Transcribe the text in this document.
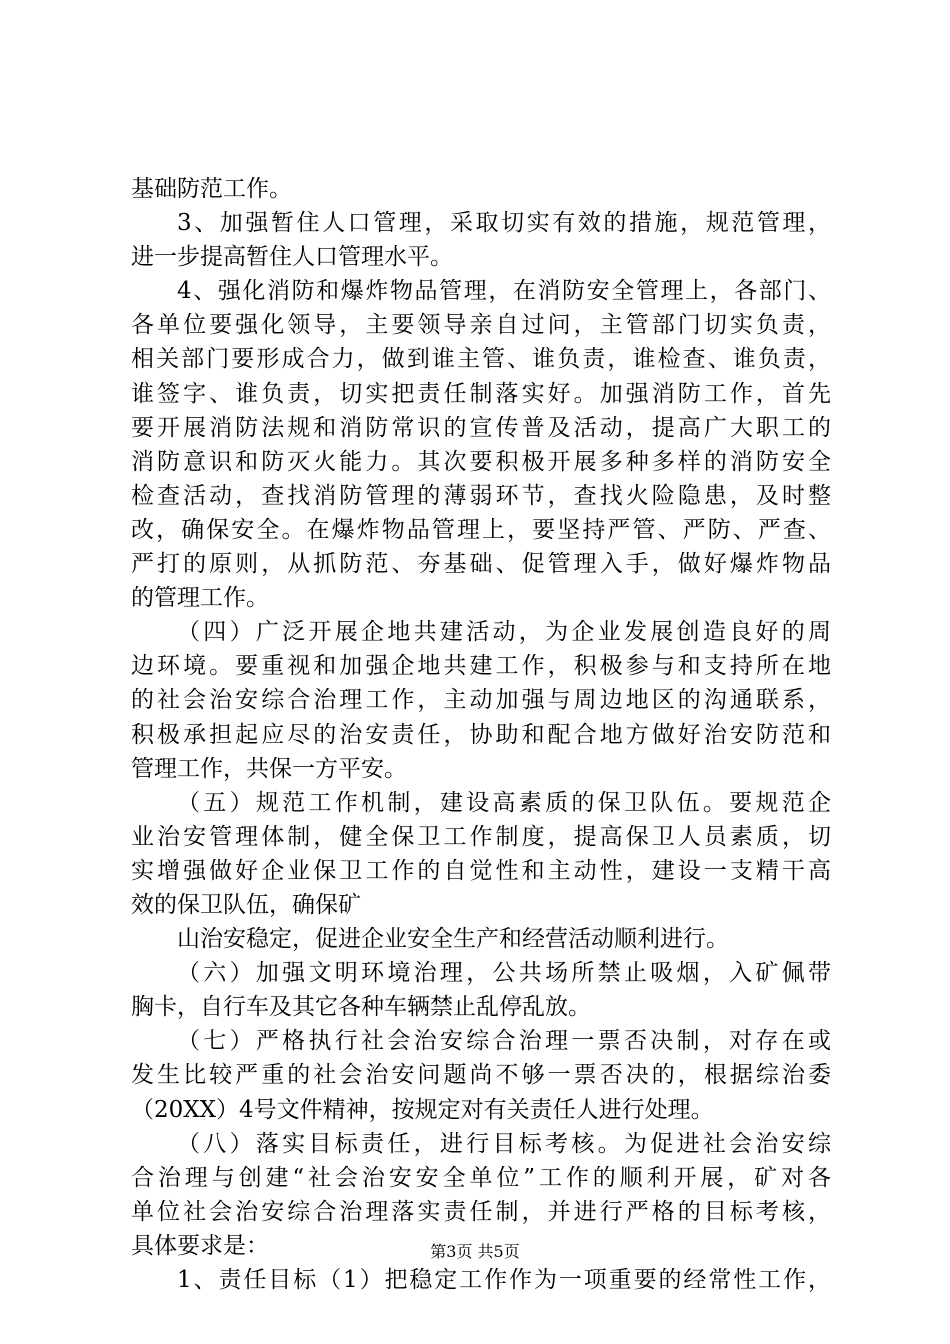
基础防范工作。
3、加强暂住人口管理，采取切实有效的措施，规范管理，
进一步提高暂住人口管理水平。
4、强化消防和爆炸物品管理，在消防安全管理上，各部门、
各单位要强化领导，主要领导亲自过问，主管部门切实负责，
相关部门要形成合力，做到谁主管、谁负责，谁检查、谁负责，
谁签字、谁负责，切实把责任制落实好。加强消防工作，首先
要开展消防法规和消防常识的宣传普及活动，提高广大职工的
消防意识和防灭火能力。其次要积极开展多种多样的消防安全
检查活动，查找消防管理的薄弱环节，查找火险隐患，及时整
改，确保安全。在爆炸物品管理上，要坚持严管、严防、严查、
严打的原则，从抓防范、夯基础、促管理入手，做好爆炸物品
的管理工作。
（四）广泛开展企地共建活动，为企业发展创造良好的周
边环境。要重视和加强企地共建工作，积极参与和支持所在地
的社会治安综合治理工作，主动加强与周边地区的沟通联系，
积极承担起应尽的治安责任，协助和配合地方做好治安防范和
管理工作，共保一方平安。
（五）规范工作机制，建设高素质的保卫队伍。要规范企
业治安管理体制，健全保卫工作制度，提高保卫人员素质，切
实增强做好企业保卫工作的自觉性和主动性，建设一支精干高
效的保卫队伍，确保矿
山治安稳定，促进企业安全生产和经营活动顺利进行。
（六）加强文明环境治理，公共场所禁止吸烟，入矿佩带
胸卡，自行车及其它各种车辆禁止乱停乱放。
（七）严格执行社会治安综合治理一票否决制，对存在或
发生比较严重的社会治安问题尚不够一票否决的，根据综治委
（20XX）4号文件精神，按规定对有关责任人进行处理。
（八）落实目标责任，进行目标考核。为促进社会治安综
合治理与创建“社会治安安全单位”工作的顺利开展，矿对各
单位社会治安综合治理落实责任制，并进行严格的目标考核，
具体要求是：
1、责任目标（1）把稳定工作作为一项重要的经常性工作，
第3页 共5页
